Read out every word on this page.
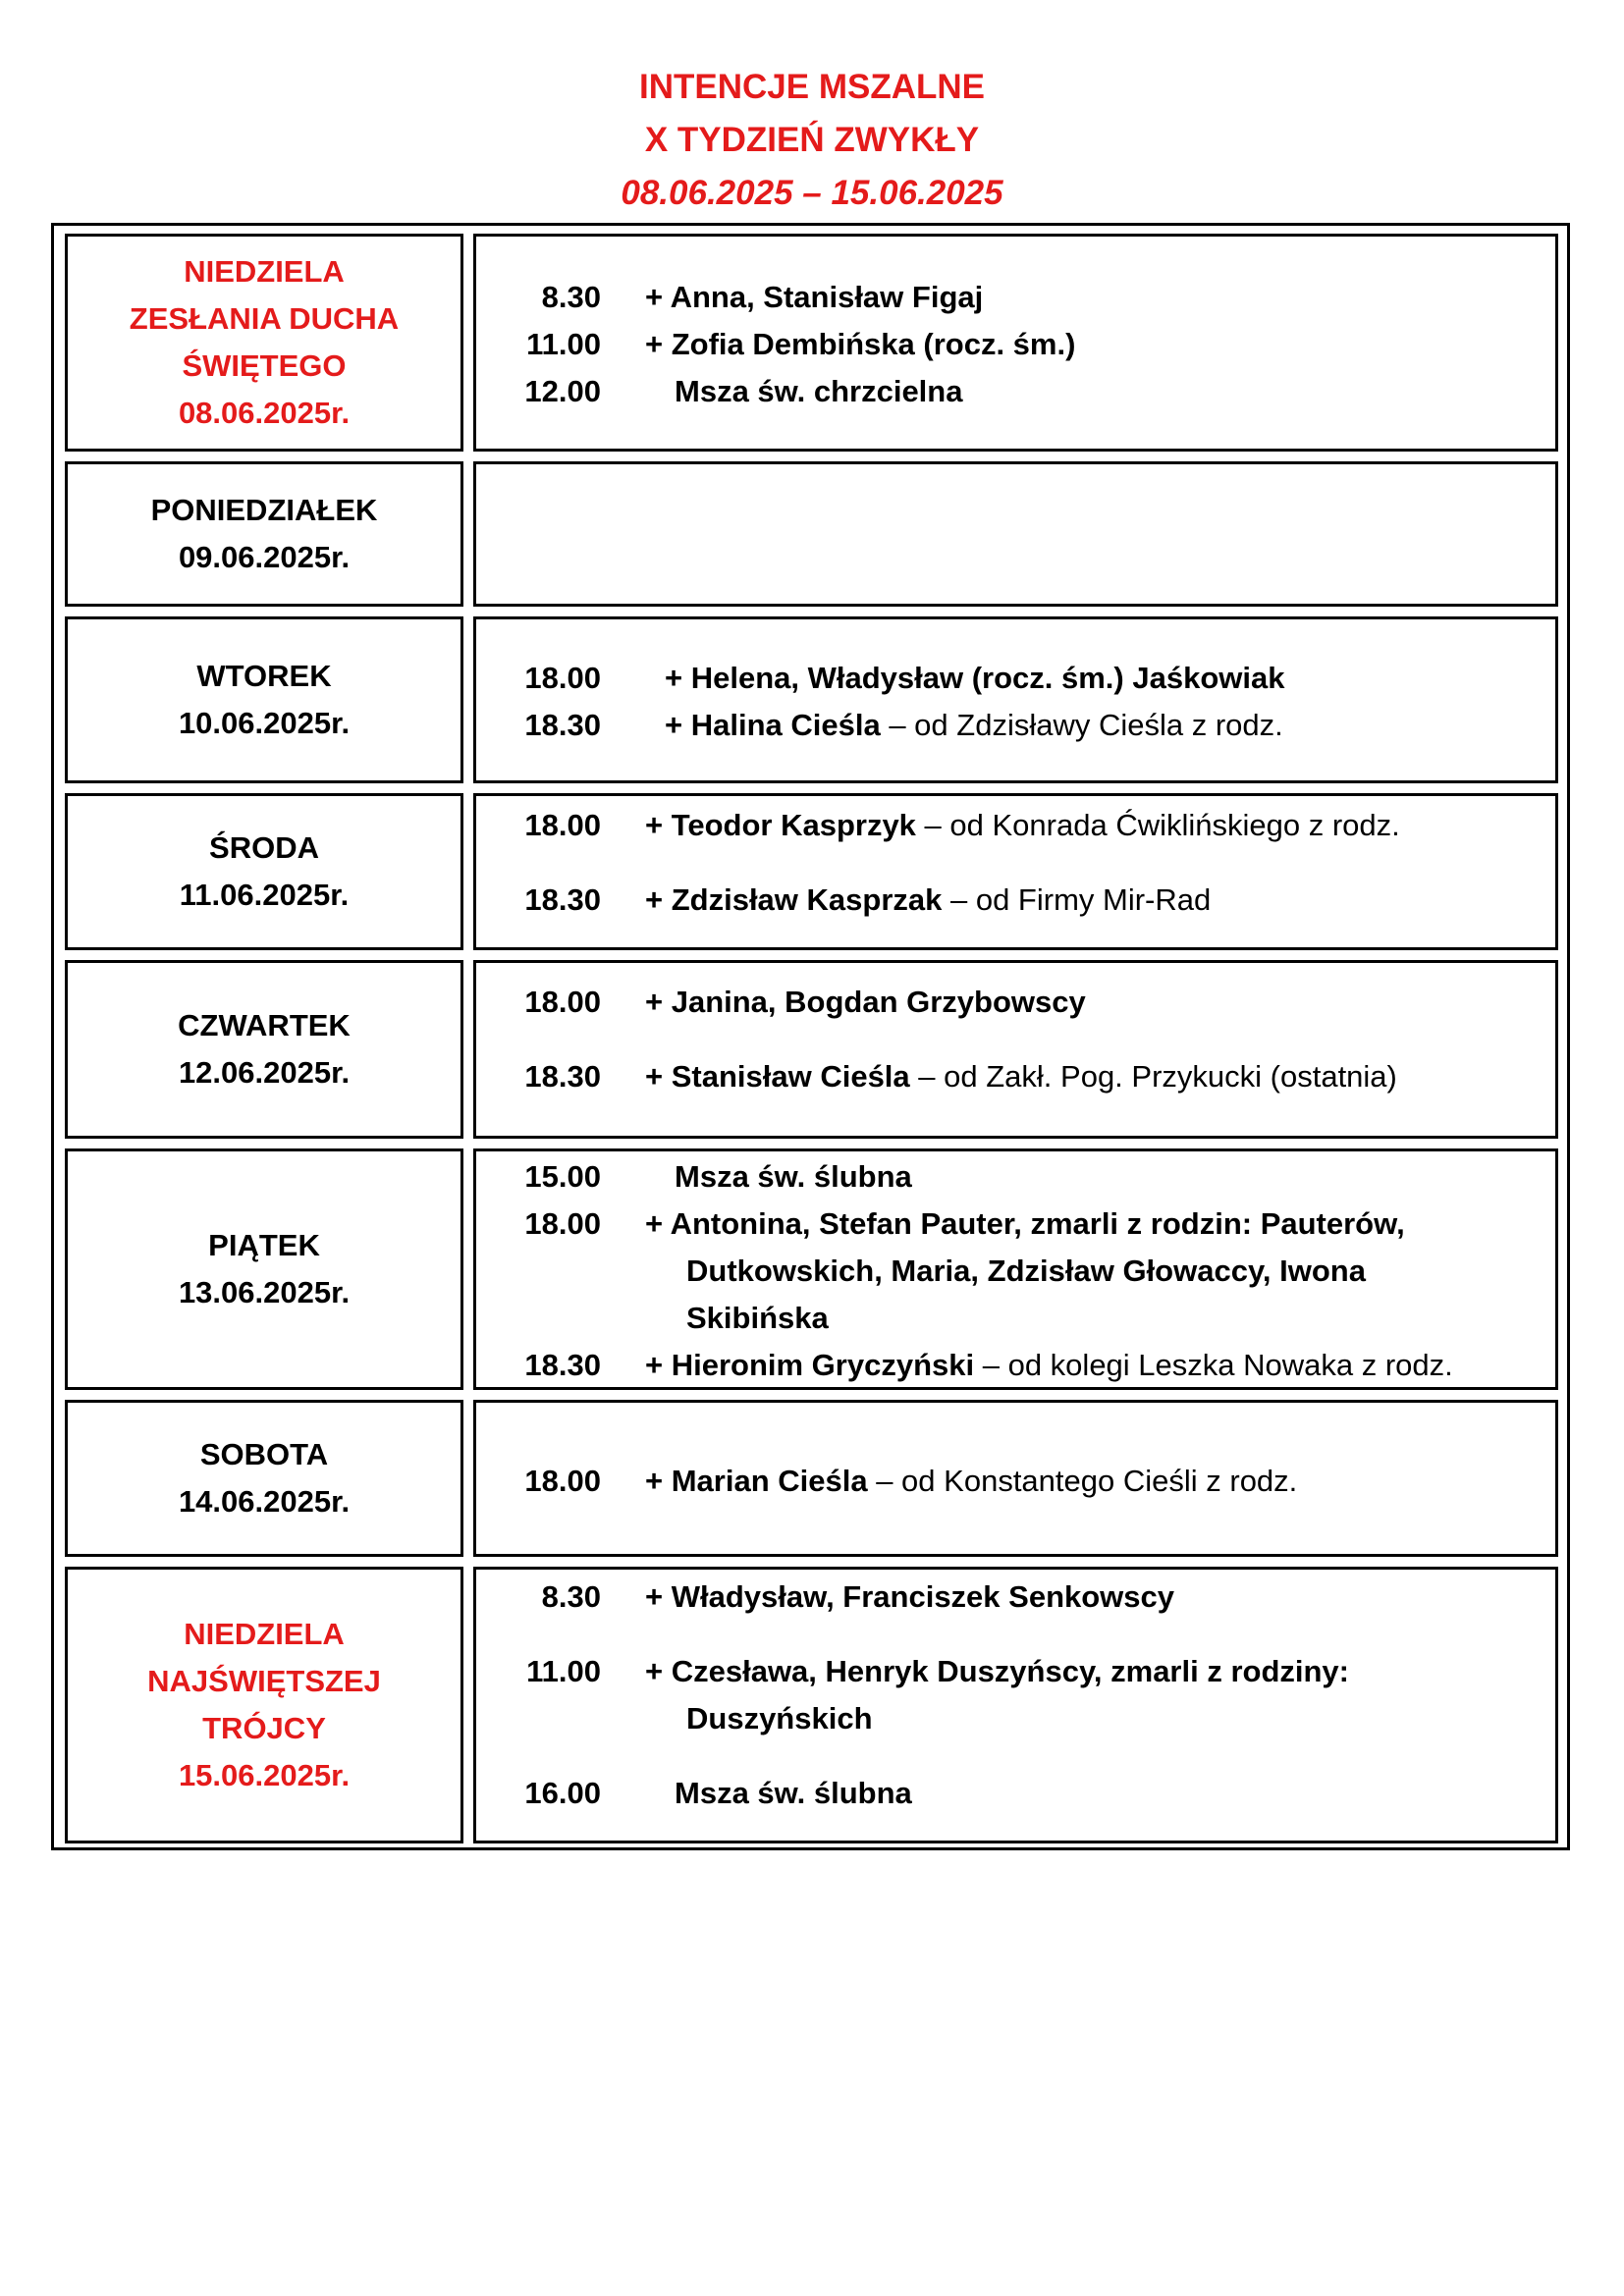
INTENCJE MSZALNE
X TYDZIEŃ ZWYKŁY
08.06.2025 – 15.06.2025
NIEDZIELA
ZESŁANIA DUCHA
ŚWIĘTEGO
08.06.2025r.
8.30 + Anna, Stanisław Figaj
11.00 + Zofia Dembińska (rocz. śm.)
12.00	Msza św. chrzcielna
PONIEDZIAŁEK
09.06.2025r.
WTOREK
10.06.2025r.
18.00 + Helena, Władysław (rocz. śm.) Jaśkowiak
18.30 + Halina Cieśla – od Zdzisławy Cieśla z rodz.
ŚRODA
11.06.2025r.
18.00 + Teodor Kasprzyk – od Konrada Ćwiklińskiego z rodz.
18.30 + Zdzisław Kasprzak – od Firmy Mir-Rad
CZWARTEK
12.06.2025r.
18.00 + Janina, Bogdan Grzybowscy
18.30 + Stanisław Cieśla – od Zakł. Pog. Przykucki (ostatnia)
PIĄTEK
13.06.2025r.
15.00	Msza św. ślubna
18.00 + Antonina, Stefan Pauter, zmarli z rodzin: Pauterów,
Dutkowskich, Maria, Zdzisław Głowaccy, Iwona
Skibińska
18.30 + Hieronim Gryczyński – od kolegi Leszka Nowaka z rodz.
SOBOTA
14.06.2025r.
18.00 + Marian Cieśla – od Konstantego Cieśli z rodz.
NIEDZIELA
NAJŚWIĘTSZEJ
TRÓJCY
15.06.2025r.
8.30 + Władysław, Franciszek Senkowscy
11.00 + Czesława, Henryk Duszyńscy, zmarli z rodziny:
Duszyńskich
16.00	Msza św. ślubna
